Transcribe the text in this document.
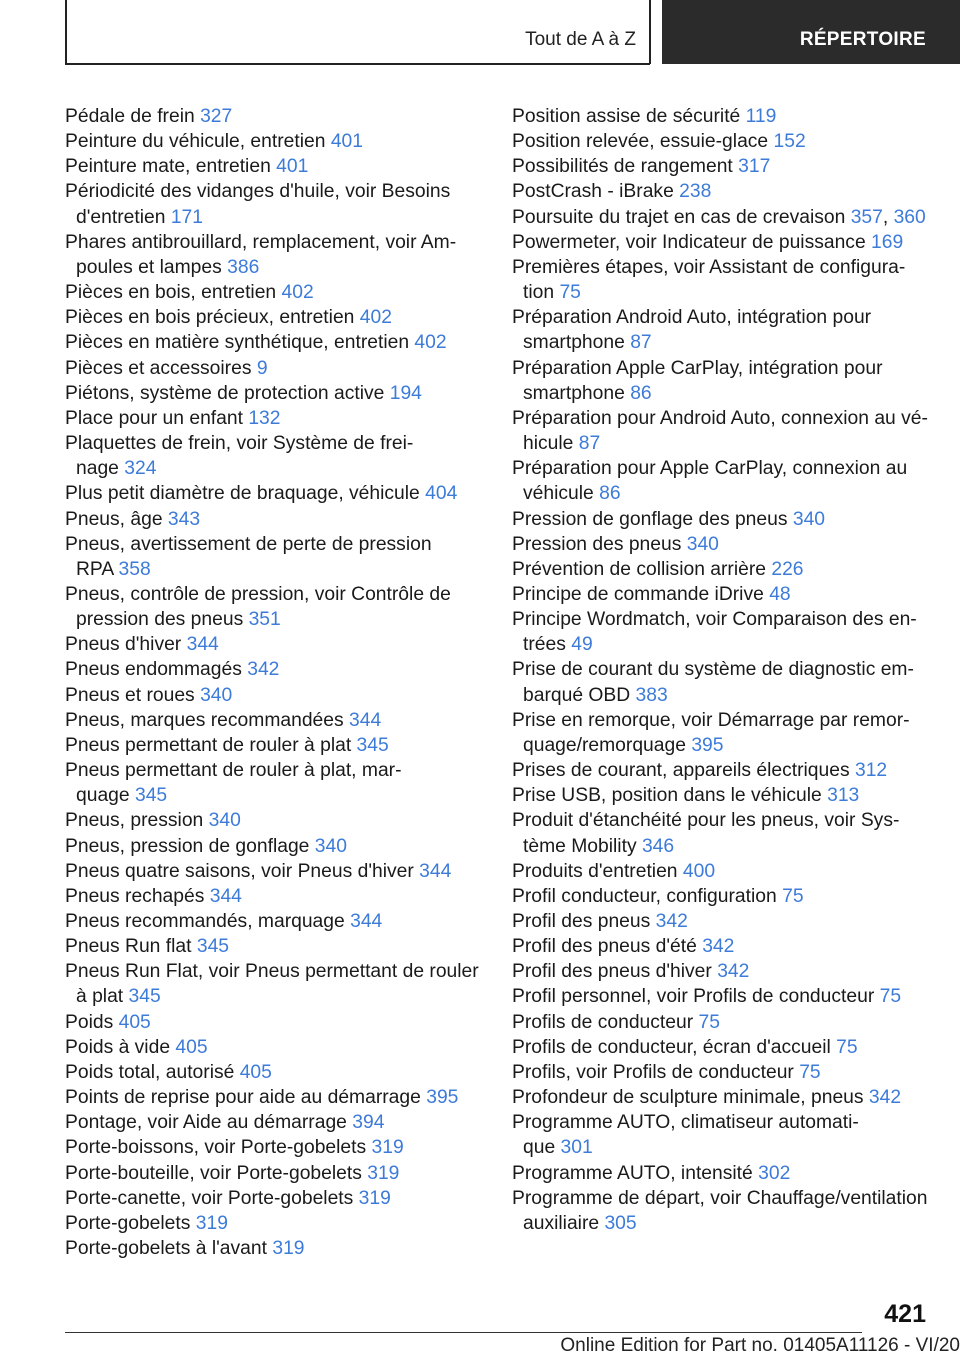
Tout de A à Z	RÉPERTOIRE

Pédale de frein 327

Peinture du véhicule, entretien 401

Peinture mate, entretien 401

Périodicité des vidanges d'huile, voir Besoins
d'entretien 171

Phares antibrouillard, remplacement, voir Am-
poules et lampes 386

Pièces en bois, entretien 402

Pièces en bois précieux, entretien 402

Pièces en matière synthétique, entretien 402

Pièces et accessoires 9

Piétons, système de protection active 194

Place pour un enfant 132

Plaquettes de frein, voir Système de frei-
nage 324

Plus petit diamètre de braquage, véhicule 404

Pneus, âge 343

Pneus, avertissement de perte de pression
RPA 358

Pneus, contrôle de pression, voir Contrôle de
pression des pneus 351

Pneus d'hiver 344

Pneus endommagés 342

Pneus et roues 340

Pneus, marques recommandées 344

Pneus permettant de rouler à plat 345

Pneus permettant de rouler à plat, mar-
quage 345

Pneus, pression 340

Pneus, pression de gonflage 340

Pneus quatre saisons, voir Pneus d'hiver 344

Pneus rechapés 344

Pneus recommandés, marquage 344

Pneus Run flat 345

Pneus Run Flat, voir Pneus permettant de rouler
à plat 345

Poids 405

Poids à vide 405

Poids total, autorisé 405

Points de reprise pour aide au démarrage 395

Pontage, voir Aide au démarrage 394

Porte-boissons, voir Porte-gobelets 319

Porte-bouteille, voir Porte-gobelets 319

Porte-canette, voir Porte-gobelets 319

Porte-gobelets 319

Porte-gobelets à l'avant 319

Position assise de sécurité 119

Position relevée, essuie-glace 152

Possibilités de rangement 317

PostCrash - iBrake 238

Poursuite du trajet en cas de crevaison 357, 360

Powermeter, voir Indicateur de puissance 169

Premières étapes, voir Assistant de configura-
tion 75

Préparation Android Auto, intégration pour
smartphone 87

Préparation Apple CarPlay, intégration pour
smartphone 86

Préparation pour Android Auto, connexion au vé-
hicule 87

Préparation pour Apple CarPlay, connexion au
véhicule 86

Pression de gonflage des pneus 340

Pression des pneus 340

Prévention de collision arrière 226

Principe de commande iDrive 48

Principe Wordmatch, voir Comparaison des en-
trées 49

Prise de courant du système de diagnostic em-
barqué OBD 383

Prise en remorque, voir Démarrage par remor-
quage/remorquage 395

Prises de courant, appareils électriques 312

Prise USB, position dans le véhicule 313

Produit d'étanchéité pour les pneus, voir Sys-
tème Mobility 346

Produits d'entretien 400

Profil conducteur, configuration 75

Profil des pneus 342

Profil des pneus d'été 342

Profil des pneus d'hiver 342

Profil personnel, voir Profils de conducteur 75

Profils de conducteur 75

Profils de conducteur, écran d'accueil 75

Profils, voir Profils de conducteur 75

Profondeur de sculpture minimale, pneus 342

Programme AUTO, climatiseur automati-
que 301

Programme AUTO, intensité 302

Programme de départ, voir Chauffage/ventilation
auxiliaire 305

421
Online Edition for Part no. 01405A11126 - VI/20
